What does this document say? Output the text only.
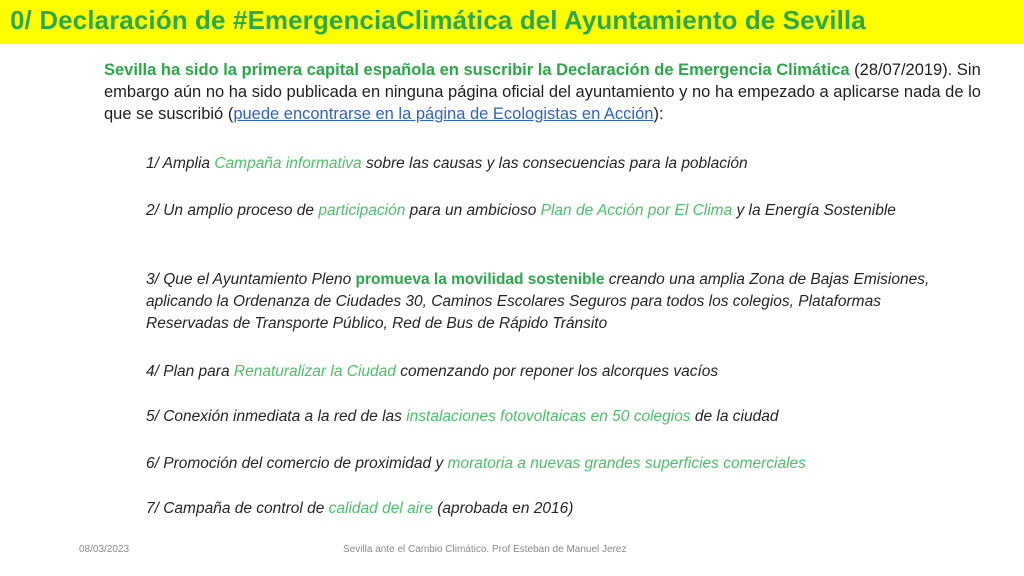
0/ Declaración de #EmergenciaClimática del Ayuntamiento de Sevilla
Sevilla ha sido la primera capital española en suscribir la Declaración de Emergencia Climática (28/07/2019). Sin embargo aún no ha sido publicada en ninguna página oficial del ayuntamiento y no ha empezado a aplicarse nada de lo que se suscribió (puede encontrarse en la página de Ecologistas en Acción):
1/ Amplia Campaña informativa sobre las causas y las consecuencias para la población
2/ Un amplio proceso de participación para un ambicioso Plan de Acción por El Clima y la Energía Sostenible
3/ Que el Ayuntamiento Pleno promueva la movilidad sostenible creando una amplia Zona de Bajas Emisiones, aplicando la Ordenanza de Ciudades 30, Caminos Escolares Seguros para todos los colegios, Plataformas Reservadas de Transporte Público, Red de Bus de Rápido Tránsito
4/ Plan para Renaturalizar la Ciudad comenzando por reponer los alcorques vacíos
5/ Conexión inmediata a la red de las instalaciones fotovoltaicas en 50 colegios de la ciudad
6/ Promoción del comercio de proximidad y moratoria a nuevas grandes superficies comerciales
7/ Campaña de control de calidad del aire (aprobada en 2016)
08/03/2023	Sevilla ante el Cambio Climático. Prof Esteban de Manuel Jerez
